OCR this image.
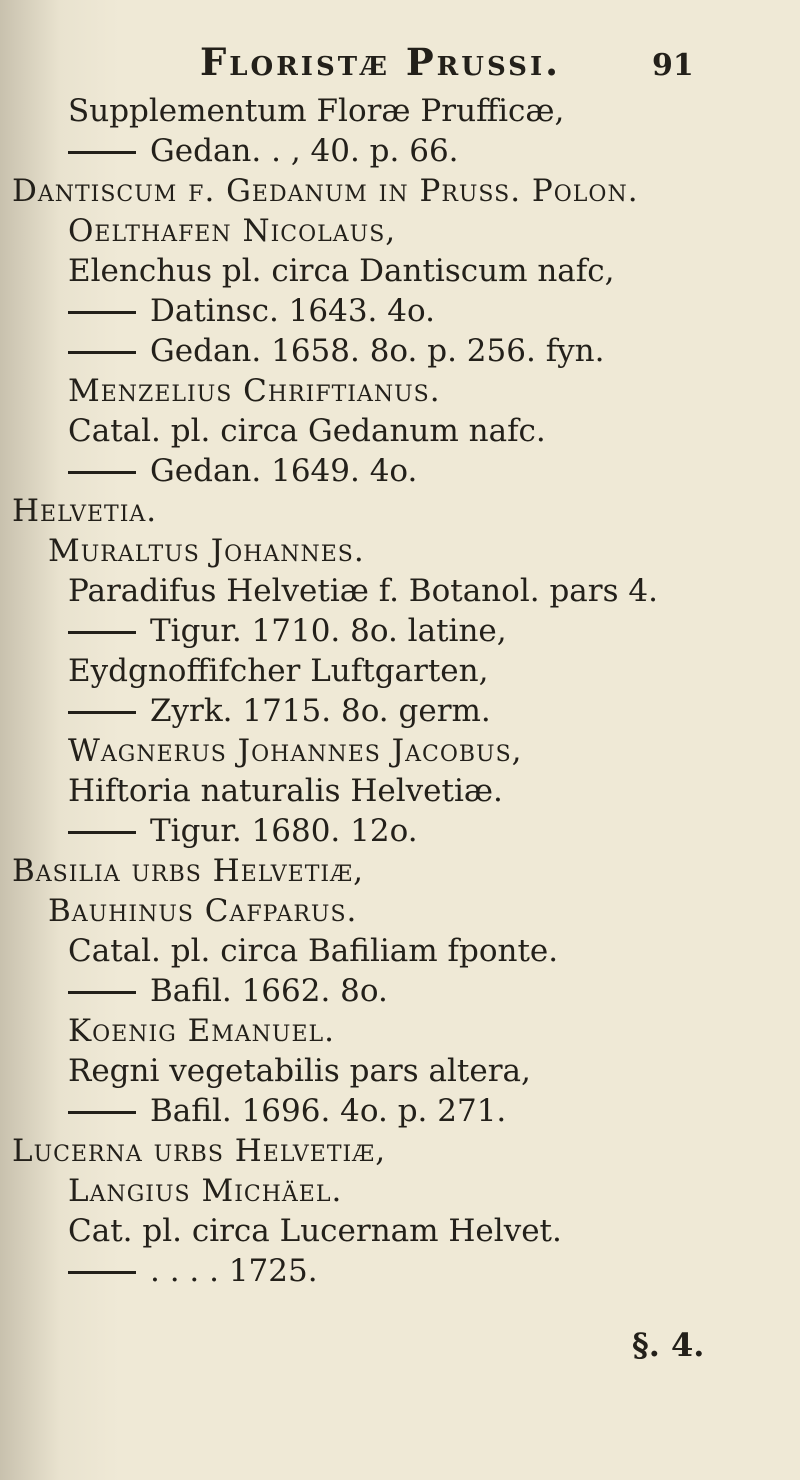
Floristæ Prussi.	91
Supplementum Floræ Prufficæ,
Gedan. . , 40. p. 66.
Dantiscum f. Gedanum in Pruſſ. Polon.
Oelthafen Nicolaus,
Elenchus pl. circa Dantiscum nafc,
Datinsc. 1643. 4o.
Gedan. 1658. 8o. p. 256. fyn.
Menzelius Chriftianus.
Catal. pl. circa Gedanum nafc.
Gedan. 1649. 4o.
Helvetia.
Muraltus Johannes.
Paradifus Helvetiæ f. Botanol. pars 4.
Tigur. 1710. 8o. latine,
Eydgnoffifcher Luftgarten,
Zyrk. 1715. 8o. germ.
Wagnerus Johannes Jacobus,
Hiftoria naturalis Helvetiæ.
Tigur. 1680. 12o.
Basilia urbs Helvetiæ,
Bauhinus Cafparus.
Catal. pl. circa Bafiliam fponte.
Bafil. 1662. 8o.
Koenig Emanuel.
Regni vegetabilis pars altera,
Bafil. 1696. 4o. p. 271.
Lucerna urbs Helvetiæ,
Langius Michäel.
Cat. pl. circa Lucernam Helvet.
. . . . 1725.
§. 4.
